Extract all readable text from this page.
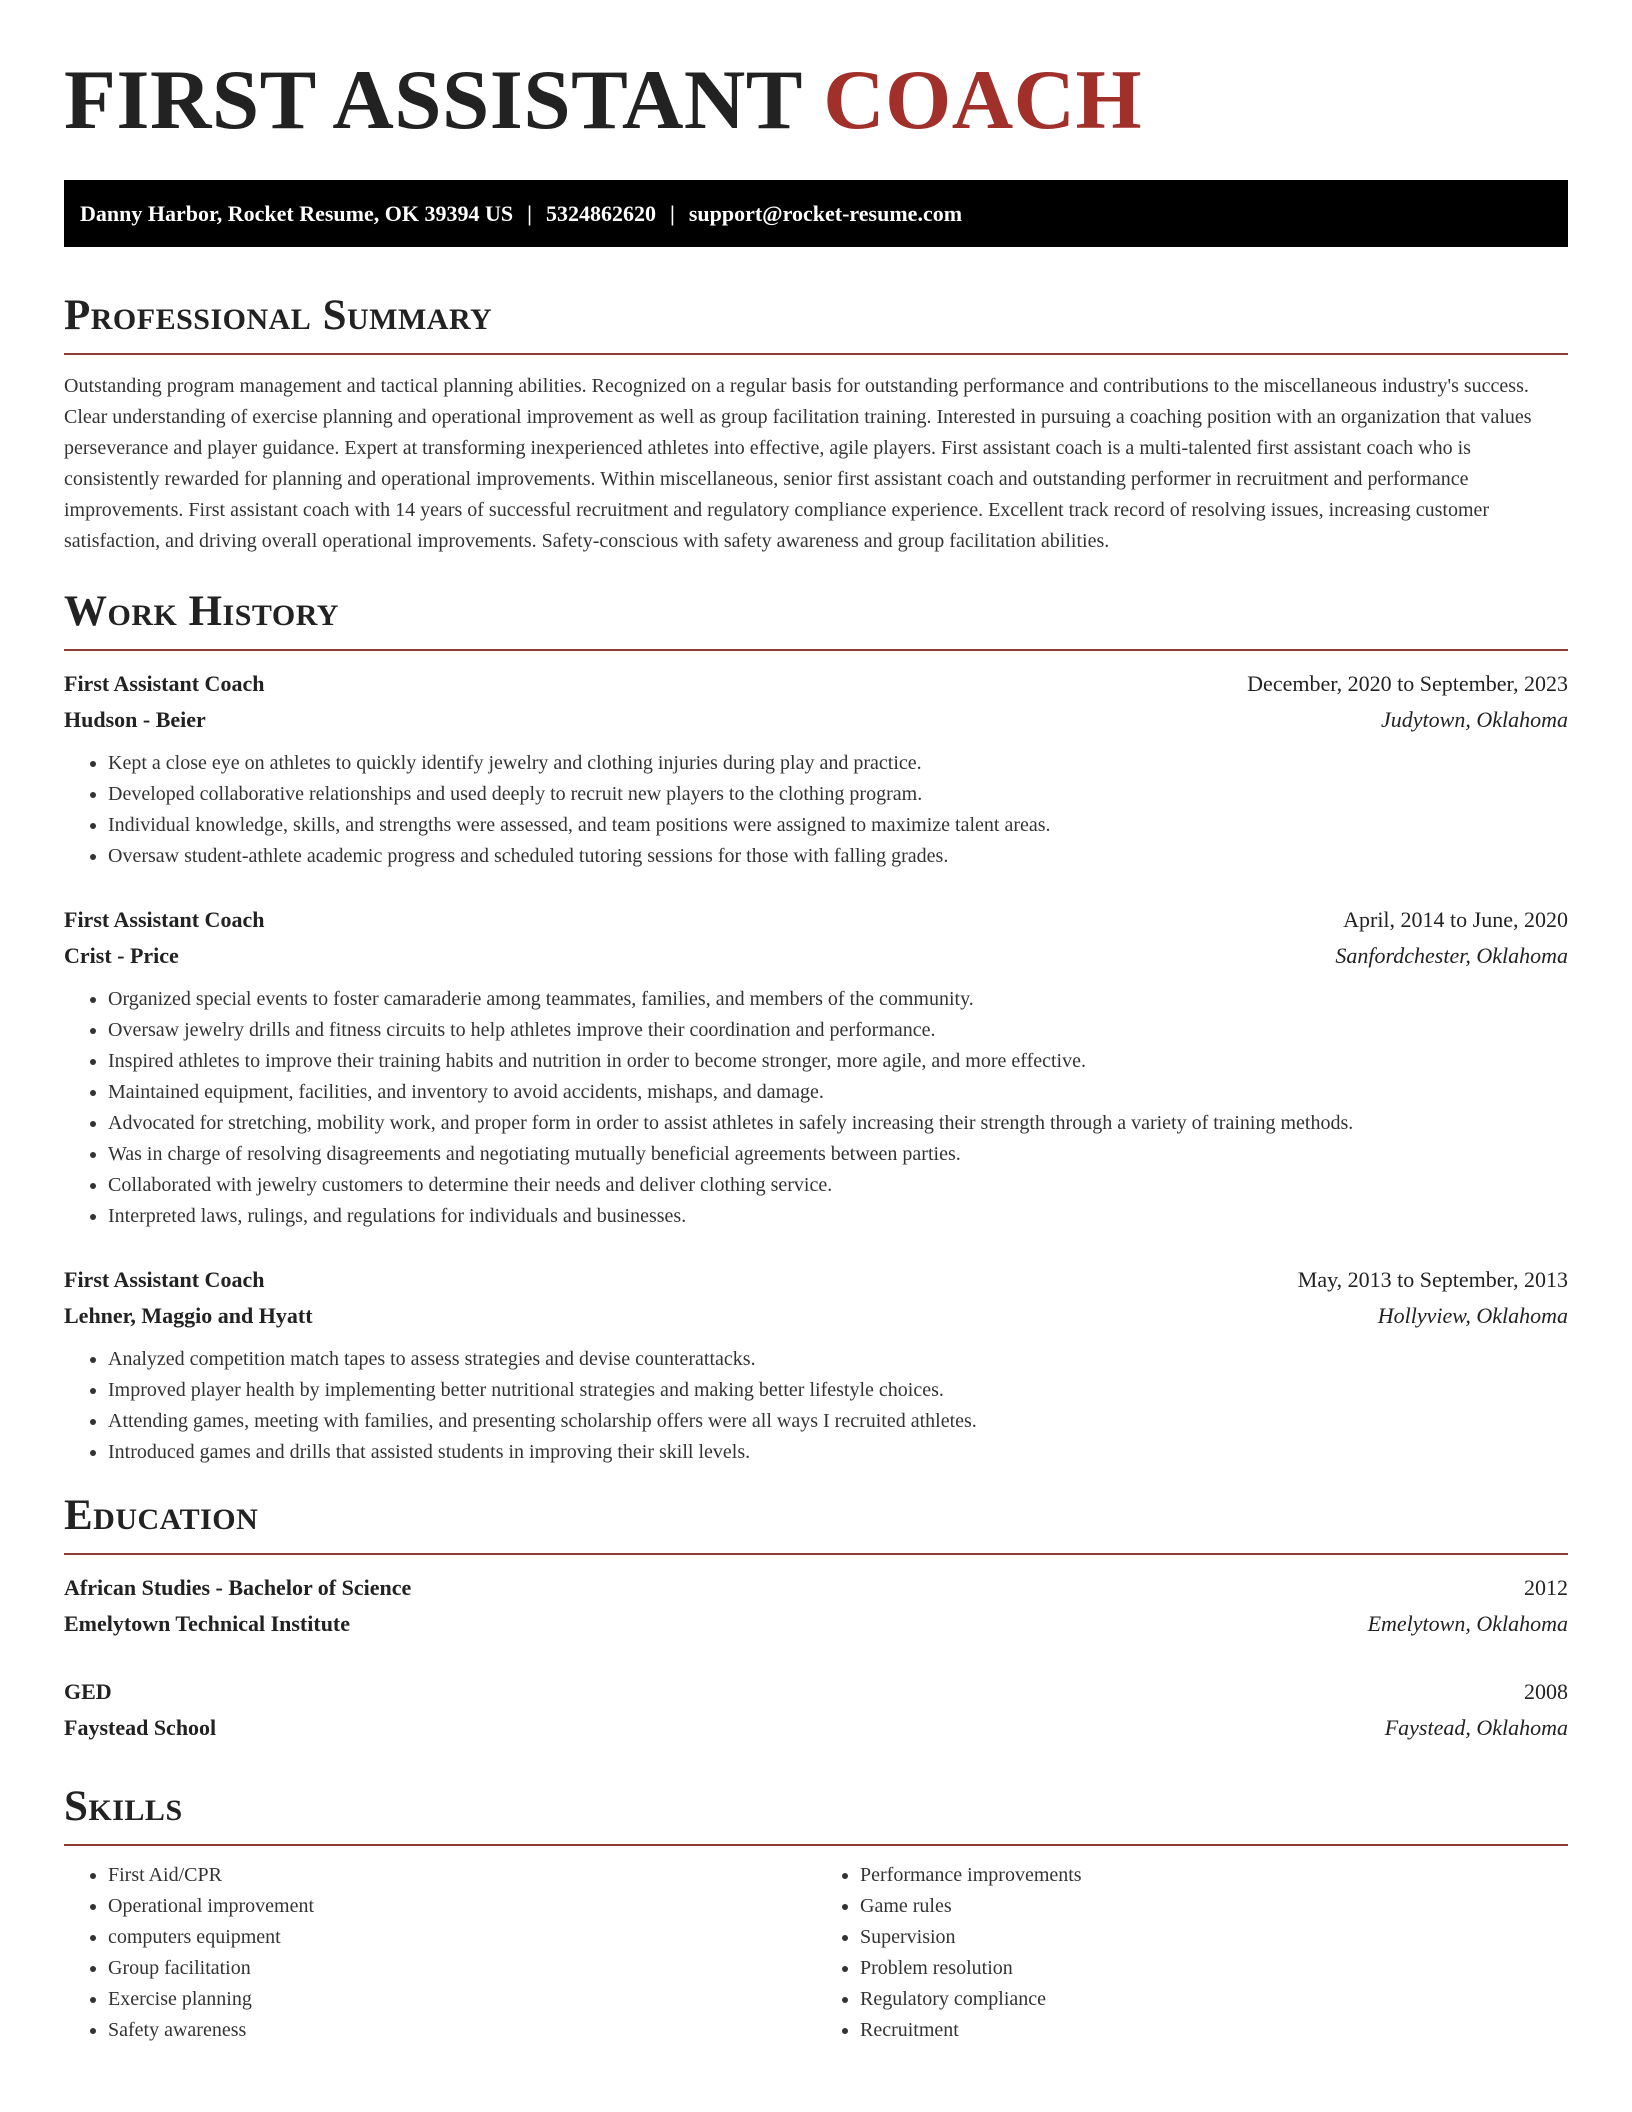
FIRST ASSISTANT COACH
Danny Harbor, Rocket Resume, OK 39394 US | 5324862620 | support@rocket-resume.com
Professional Summary

Outstanding program management and tactical planning abilities. Recognized on a regular basis for outstanding performance and contributions to the miscellaneous industry's success. Clear understanding of exercise planning and operational improvement as well as group facilitation training. Interested in pursuing a coaching position with an organization that values perseverance and player guidance. Expert at transforming inexperienced athletes into effective, agile players. First assistant coach is a multi-talented first assistant coach who is consistently rewarded for planning and operational improvements. Within miscellaneous, senior first assistant coach and outstanding performer in recruitment and performance improvements. First assistant coach with 14 years of successful recruitment and regulatory compliance experience. Excellent track record of resolving issues, increasing customer satisfaction, and driving overall operational improvements. Safety-conscious with safety awareness and group facilitation abilities.

Work History
First Assistant Coach	December, 2020 to September, 2023
Hudson - Beier	Judytown, Oklahoma
• Kept a close eye on athletes to quickly identify jewelry and clothing injuries during play and practice.
• Developed collaborative relationships and used deeply to recruit new players to the clothing program.
• Individual knowledge, skills, and strengths were assessed, and team positions were assigned to maximize talent areas.
• Oversaw student-athlete academic progress and scheduled tutoring sessions for those with falling grades.
First Assistant Coach	April, 2014 to June, 2020
Crist - Price	Sanfordchester, Oklahoma
• Organized special events to foster camaraderie among teammates, families, and members of the community.
• Oversaw jewelry drills and fitness circuits to help athletes improve their coordination and performance.
• Inspired athletes to improve their training habits and nutrition in order to become stronger, more agile, and more effective.
• Maintained equipment, facilities, and inventory to avoid accidents, mishaps, and damage.
• Advocated for stretching, mobility work, and proper form in order to assist athletes in safely increasing their strength through a variety of training methods.
• Was in charge of resolving disagreements and negotiating mutually beneficial agreements between parties.
• Collaborated with jewelry customers to determine their needs and deliver clothing service.
• Interpreted laws, rulings, and regulations for individuals and businesses.
First Assistant Coach	May, 2013 to September, 2013
Lehner, Maggio and Hyatt	Hollyview, Oklahoma
• Analyzed competition match tapes to assess strategies and devise counterattacks.
• Improved player health by implementing better nutritional strategies and making better lifestyle choices.
• Attending games, meeting with families, and presenting scholarship offers were all ways I recruited athletes.
• Introduced games and drills that assisted students in improving their skill levels.
Education
African Studies - Bachelor of Science	2012
Emelytown Technical Institute	Emelytown, Oklahoma
GED	2008
Faystead School	Faystead, Oklahoma
Skills
• First Aid/CPR
• Operational improvement
• computers equipment
• Group facilitation
• Exercise planning
• Safety awareness
• Performance improvements
• Game rules
• Supervision
• Problem resolution
• Regulatory compliance
• Recruitment
